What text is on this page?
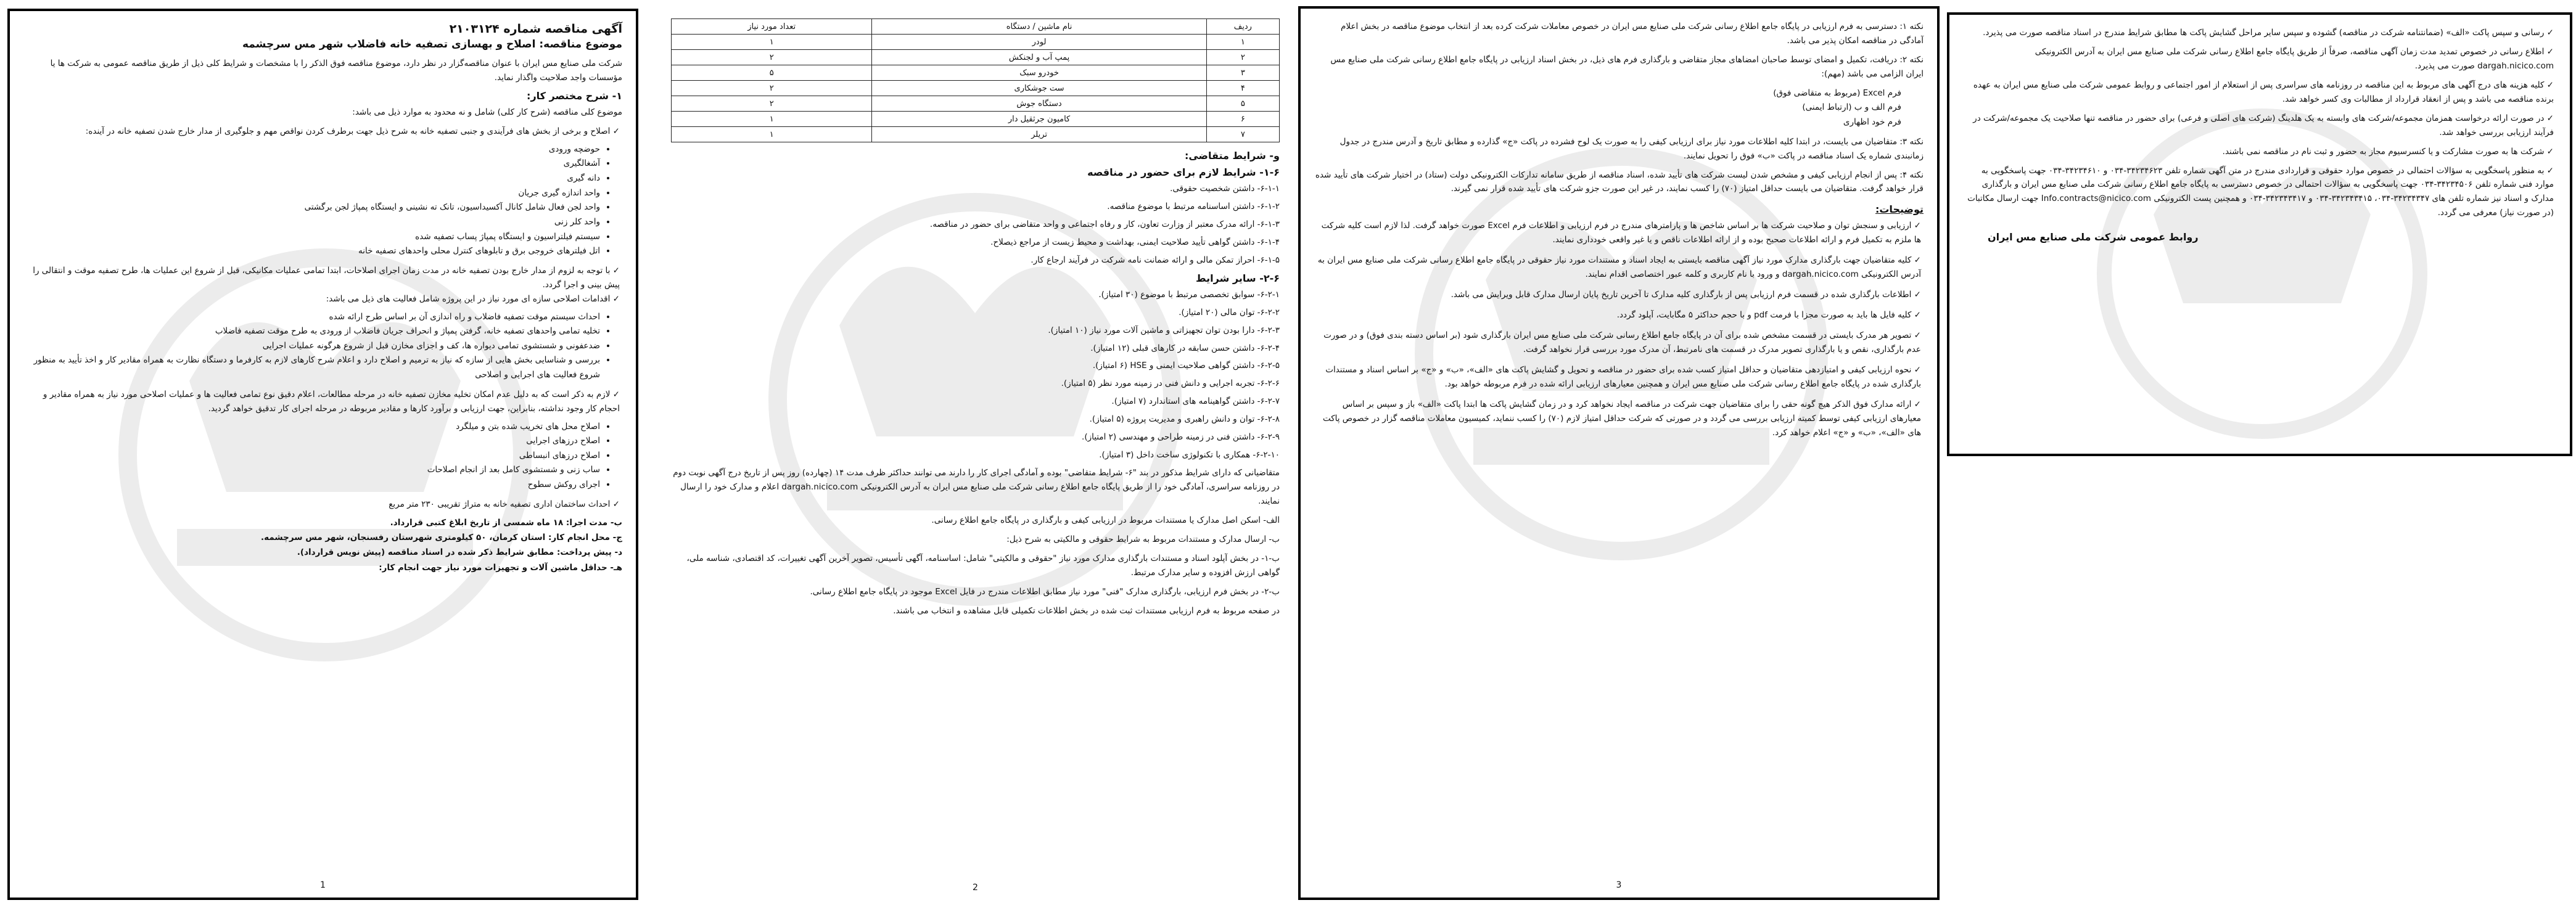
آگهی مناقصه شماره ۲۱۰۳۱۲۴
موضوع مناقصه: اصلاح و بهسازی تصفیه خانه فاضلاب شهر مس سرچشمه

شرکت ملی صنایع مس ایران با عنوان مناقصه‌گزار در نظر دارد، موضوع مناقصه فوق الذکر را با مشخصات و شرایط کلی ذیل از طریق مناقصه عمومی به شرکت ها یا مؤسسات واجد صلاحیت واگذار نماید.

۱- شرح مختصر کار:

موضوع کلی مناقصه (شرح کار کلی) شامل و نه محدود به موارد ذیل می باشد:

✓ اصلاح و برخی از بخش های فرآیندی و جنبی تصفیه خانه به شرح ذیل جهت برطرف کردن نواقص مهم و جلوگیری از مدار خارج شدن تصفیه خانه در آینده:
• حوضچه ورودی
• آشغالگیری
• دانه گیری
• واحد اندازه گیری جریان
• واحد لجن فعال شامل کانال آکسیداسیون، تانک ته نشینی و ایستگاه پمپاژ لجن برگشتی
• واحد کلر زنی
• سیستم فیلتراسیون و ایستگاه پمپاژ پساب تصفیه شده
• اتل فیلترهای خروجی برق و تابلوهای کنترل محلی واحدهای تصفیه خانه
✓ با توجه به لزوم از مدار خارج بودن تصفیه خانه در مدت زمان اجرای اصلاحات، ابتدا تمامی عملیات مکانیکی، قبل از شروع این عملیات ها، طرح تصفیه موقت و انتقالی را پیش بینی و اجرا گردد.
✓ اقدامات اصلاحی سازه ای مورد نیاز در این پروژه شامل فعالیت های ذیل می باشد:
• احداث سیستم موقت تصفیه فاضلاب و راه اندازی آن بر اساس طرح ارائه شده
• تخلیه تمامی واحدهای تصفیه خانه، گرفتن پمپاژ و انحراف جریان فاضلاب از ورودی به طرح موقت تصفیه فاضلاب
• ضدعفونی و شستشوی تمامی دیواره ها، کف و اجزای مخازن قبل از شروع هرگونه عملیات اجرایی
• بررسی و شناسایی بخش هایی از سازه که نیاز به ترمیم و اصلاح دارد و اعلام شرح کارهای لازم به کارفرما و دستگاه نظارت به همراه مقادیر کار و اخذ تأیید به منظور شروع فعالیت های اجرایی و اصلاحی
✓ لازم به ذکر است که به دلیل عدم امکان تخلیه مخازن تصفیه خانه در مرحله مطالعات، اعلام دقیق نوع تمامی فعالیت ها و عملیات اصلاحی مورد نیاز به همراه مقادیر و احجام کار وجود نداشته، بنابراین، جهت ارزیابی و برآورد کارها و مقادیر مربوطه در مرحله اجرای کار تدقیق خواهد گردید.
• اصلاح محل های تخریب شده بتن و میلگرد
• اصلاح درزهای اجرایی
• اصلاح درزهای انبساطی
• ساب زنی و شستشوی کامل بعد از انجام اصلاحات
• اجرای روکش سطوح
✓ احداث ساختمان اداری تصفیه خانه به متراژ تقریبی ۲۳۰ متر مربع
ب- مدت اجرا: ۱۸ ماه شمسی از تاریخ ابلاغ کتبی قرارداد.
ج- محل انجام کار: استان کرمان، ۵۰ کیلومتری شهرستان رفسنجان، شهر مس سرچشمه.
د- پیش پرداخت: مطابق شرایط ذکر شده در اسناد مناقصه (پیش نویس قرارداد).
هـ- حداقل ماشین آلات و تجهیزات مورد نیاز جهت انجام کار:
1
ردیف	نام ماشین / دستگاه	تعداد مورد نیاز
۱	لودر	۱
۲	پمپ آب و لجنکش	۲
۳	خودرو سبک	۵
۴	ست جوشکاری	۲
۵	دستگاه جوش	۲
۶	کامیون جرثقیل دار	۱
۷	تریلر	۱
و- شرایط متقاضی:
۱-۶- شرایط لازم برای حضور در مناقصه
۶-۱-۱- داشتن شخصیت حقوقی.
۶-۱-۲- داشتن اساسنامه مرتبط با موضوع مناقصه.
۶-۱-۳- ارائه مدرک معتبر از وزارت تعاون، کار و رفاه اجتماعی و واحد متقاضی برای حضور در مناقصه.
۶-۱-۴- داشتن گواهی تأیید صلاحیت ایمنی، بهداشت و محیط زیست از مراجع ذیصلاح.
۶-۱-۵- احراز تمکن مالی و ارائه ضمانت نامه شرکت در فرآیند ارجاع کار.
۲-۶- سایر شرایط
۶-۲-۱- سوابق تخصصی مرتبط با موضوع (۳۰ امتیاز).
۶-۲-۲- توان مالی (۲۰ امتیاز).
۶-۲-۳- دارا بودن توان تجهیزاتی و ماشین آلات مورد نیاز (۱۰ امتیاز).
۶-۲-۴- داشتن حسن سابقه در کارهای قبلی (۱۲ امتیاز).
۶-۲-۵- داشتن گواهی صلاحیت ایمنی و HSE (۶ امتیاز).
۶-۲-۶- تجربه اجرایی و دانش فنی در زمینه مورد نظر (۵ امتیاز).
۶-۲-۷- داشتن گواهینامه های استاندارد (۷ امتیاز).
۶-۲-۸- توان و دانش راهبری و مدیریت پروژه (۵ امتیاز).
۶-۲-۹- داشتن فنی در زمینه طراحی و مهندسی (۲ امتیاز).
۶-۲-۱۰- همکاری با تکنولوژی ساخت داخل (۳ امتیاز).

متقاضیانی که دارای شرایط مذکور در بند "۶- شرایط متقاضی" بوده و آمادگی اجرای کار را دارند می توانند حداکثر ظرف مدت ۱۴ (چهارده) روز پس از تاریخ درج آگهی نوبت دوم در روزنامه سراسری، آمادگی خود را از طریق پایگاه جامع اطلاع رسانی شرکت ملی صنایع مس ایران به آدرس الکترونیکی dargah.nicico.com اعلام و مدارک خود را ارسال نمایند.

الف- اسکن اصل مدارک یا مستندات مربوط در ارزیابی کیفی و بارگذاری در پایگاه جامع اطلاع رسانی.

ب- ارسال مدارک و مستندات مربوط به شرایط حقوقی و مالکیتی به شرح ذیل:

ب-۱- در بخش آپلود اسناد و مستندات بارگذاری مدارک مورد نیاز "حقوقی و مالکیتی" شامل: اساسنامه، آگهی تأسیس، تصویر آخرین آگهی تغییرات، کد اقتصادی، شناسه ملی، گواهی ارزش افزوده و سایر مدارک مرتبط.

ب-۲- در بخش فرم ارزیابی، بارگذاری مدارک "فنی" مورد نیاز مطابق اطلاعات مندرج در فایل Excel موجود در پایگاه جامع اطلاع رسانی.

در صفحه مربوط به فرم ارزیابی مستندات ثبت شده در بخش اطلاعات تکمیلی قابل مشاهده و انتخاب می باشند.

2

نکته ۱: دسترسی به فرم ارزیابی در پایگاه جامع اطلاع رسانی شرکت ملی صنایع مس ایران در خصوص معاملات شرکت کرده بعد از انتخاب موضوع مناقصه در بخش اعلام آمادگی در مناقصه امکان پذیر می باشد.

نکته ۲: دریافت، تکمیل و امضای توسط صاحبان امضاهای مجاز متقاضی و بارگذاری فرم های ذیل، در بخش اسناد ارزیابی در پایگاه جامع اطلاع رسانی شرکت ملی صنایع مس ایران الزامی می باشد (مهم):

فرم Excel (مربوط به متقاضی فوق)
فرم الف و ب (ارتباط ایمنی)
فرم خود اظهاری

نکته ۳: متقاضیان می بایست، در ابتدا کلیه اطلاعات مورد نیاز برای ارزیابی کیفی را به صورت یک لوح فشرده در پاکت «ج» گذارده و مطابق تاریخ و آدرس مندرج در جدول زمانبندی شماره یک اسناد مناقصه در پاکت «ب» فوق را تحویل نمایند.

نکته ۴: پس از انجام ارزیابی کیفی و مشخص شدن لیست شرکت های تأیید شده، اسناد مناقصه از طریق سامانه تدارکات الکترونیکی دولت (ستاد) در اختیار شرکت های تأیید شده قرار خواهد گرفت. متقاضیان می بایست حداقل امتیاز (۷۰) را کسب نمایند، در غیر این صورت جزو شرکت های تأیید شده قرار نمی گیرند.

توضیحات:
✓ ارزیابی و سنجش توان و صلاحیت شرکت ها بر اساس شاخص ها و پارامترهای مندرج در فرم ارزیابی و اطلاعات فرم Excel صورت خواهد گرفت. لذا لازم است کلیه شرکت ها ملزم به تکمیل فرم و ارائه اطلاعات صحیح بوده و از ارائه اطلاعات ناقص و یا غیر واقعی خودداری نمایند.
✓ کلیه متقاضیان جهت بارگذاری مدارک مورد نیاز آگهی مناقصه بایستی به ایجاد اسناد و مستندات مورد نیاز حقوقی در پایگاه جامع اطلاع رسانی شرکت ملی صنایع مس ایران به آدرس الکترونیکی dargah.nicico.com و ورود با نام کاربری و کلمه عبور اختصاصی اقدام نمایند.
✓ اطلاعات بارگذاری شده در قسمت فرم ارزیابی پس از بارگذاری کلیه مدارک تا آخرین تاریخ پایان ارسال مدارک قابل ویرایش می باشد.
✓ کلیه فایل ها باید به صورت مجزا با فرمت pdf و با حجم حداکثر ۵ مگابایت، آپلود گردد.
✓ تصویر هر مدرک بایستی در قسمت مشخص شده برای آن در پایگاه جامع اطلاع رسانی شرکت ملی صنایع مس ایران بارگذاری شود (بر اساس دسته بندی فوق) و در صورت عدم بارگذاری، نقص و یا بارگذاری تصویر مدرک در قسمت های نامرتبط، آن مدرک مورد بررسی قرار نخواهد گرفت.
✓ نحوه ارزیابی کیفی و امتیازدهی متقاضیان و حداقل امتیاز کسب شده برای حضور در مناقصه و تحویل و گشایش پاکت های «الف»، «ب» و «ج» بر اساس اسناد و مستندات بارگذاری شده در پایگاه جامع اطلاع رسانی شرکت ملی صنایع مس ایران و همچنین معیارهای ارزیابی ارائه شده در فرم مربوطه خواهد بود.
✓ ارائه مدارک فوق الذکر هیچ گونه حقی را برای متقاضیان جهت شرکت در مناقصه ایجاد نخواهد کرد و در زمان گشایش پاکت ها ابتدا پاکت «الف» باز و سپس بر اساس معیارهای ارزیابی کیفی توسط کمیته ارزیابی بررسی می گردد و در صورتی که شرکت حداقل امتیاز لازم (۷۰) را کسب ننماید، کمیسیون معاملات مناقصه گزار در خصوص پاکت های «الف»، «ب» و «ج» اعلام خواهد کرد.
3
✓ رسانی و سپس پاکت «الف» (ضمانتنامه شرکت در مناقصه) گشوده و سپس سایر مراحل گشایش پاکت ها مطابق شرایط مندرج در اسناد مناقصه صورت می پذیرد.
✓ اطلاع رسانی در خصوص تمدید مدت زمان آگهی مناقصه، صرفاً از طریق پایگاه جامع اطلاع رسانی شرکت ملی صنایع مس ایران به آدرس الکترونیکی dargah.nicico.com صورت می پذیرد.
✓ کلیه هزینه های درج آگهی های مربوط به این مناقصه در روزنامه های سراسری پس از استعلام از امور اجتماعی و روابط عمومی شرکت ملی صنایع مس ایران به عهده برنده مناقصه می باشد و پس از انعقاد قرارداد از مطالبات وی کسر خواهد شد.
✓ در صورت ارائه درخواست همزمان مجموعه/شرکت های وابسته به یک هلدینگ (شرکت های اصلی و فرعی) برای حضور در مناقصه تنها صلاحیت یک مجموعه/شرکت در فرآیند ارزیابی بررسی خواهد شد.
✓ شرکت ها به صورت مشارکت و یا کنسرسیوم مجاز به حضور و ثبت نام در مناقصه نمی باشند.
✓ به منظور پاسخگویی به سؤالات احتمالی در خصوص موارد حقوقی و قراردادی مندرج در متن آگهی شماره تلفن ۳۴۲۳۴۶۲۳-۰۳۴ و ۳۴۲۳۴۶۱۰-۰۳۴ جهت پاسخگویی به موارد فنی شماره تلفن ۳۴۲۳۴۵۰۶-۰۳۴ جهت پاسخگویی به سؤالات احتمالی در خصوص دسترسی به پایگاه جامع اطلاع رسانی شرکت ملی صنایع مس ایران و بارگذاری مدارک و اسناد نیز شماره تلفن های ۳۴۲۳۴۳۴۷-۰۳۴، ۳۴۲۳۴۳۴۱۵-۰۳۴ و ۳۴۲۳۴۳۴۱۷-۰۳۴ و همچنین پست الکترونیکی Info.contracts@nicico.com جهت ارسال مکاتبات (در صورت نیاز) معرفی می گردد.
روابط عمومی شرکت ملی صنایع مس ایران
